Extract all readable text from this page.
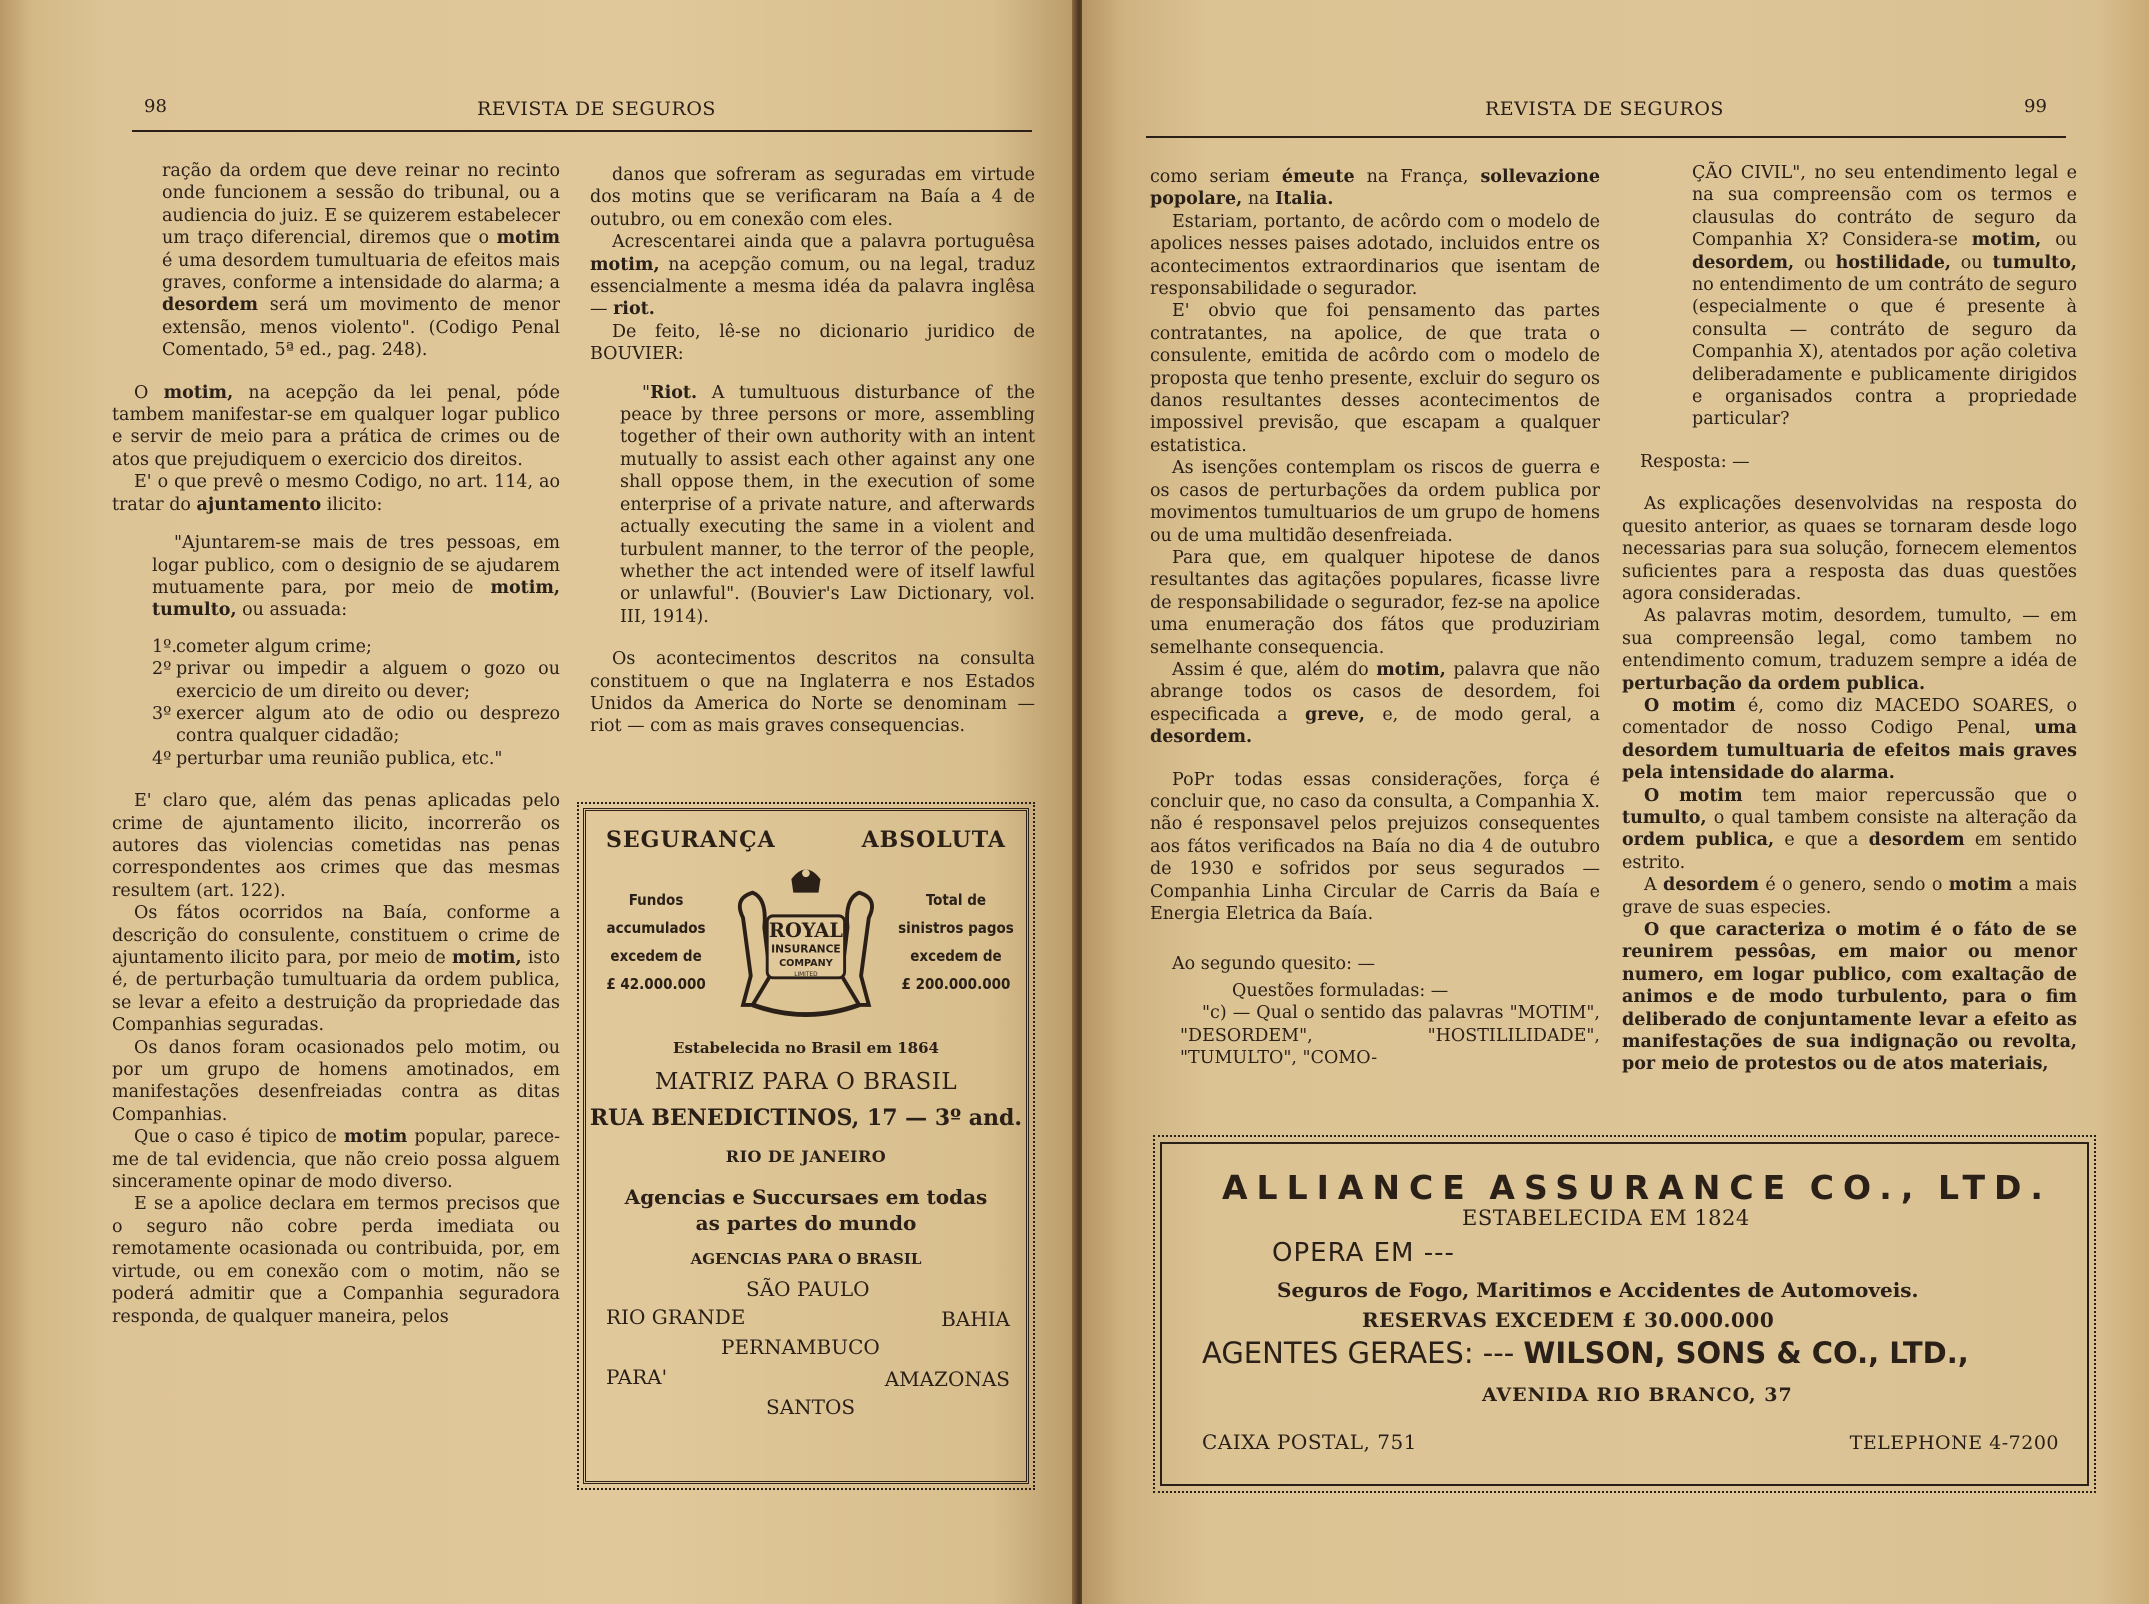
98	REVISTA DE SEGUROS

ração da ordem que deve reinar no recinto onde funcionem a sessão do tribunal, ou a audiencia do juiz. E se quizerem estabelecer um traço diferencial, diremos que o motim é uma desordem tumultuaria de efeitos mais graves, conforme a intensidade do alarma; a desordem será um movimento de menor extensão, menos violento". (Codigo Penal Comentado, 5ª ed., pag. 248).

O motim, na acepção da lei penal, póde tambem manifestar-se em qualquer logar publico e servir de meio para a prática de crimes ou de atos que prejudiquem o exercicio dos direitos.

E' o que prevê o mesmo Codigo, no art. 114, ao tratar do ajuntamento ilicito:

"Ajuntarem-se mais de tres pessoas, em logar publico, com o designio de se ajudarem mutuamente para, por meio de motim, tumulto, ou assuada:

1º.cometer algum crime;
2º privar ou impedir a alguem o gozo ou exercicio de um direito ou dever;
3º exercer algum ato de odio ou desprezo contra qualquer cidadão;
4º perturbar uma reunião publica, etc."

E' claro que, além das penas aplicadas pelo crime de ajuntamento ilicito, incorrerão os autores das violencias cometidas nas penas correspondentes aos crimes que das mesmas resultem (art. 122).

Os fátos ocorridos na Baía, conforme a descrição do consulente, constituem o crime de ajuntamento ilicito para, por meio de motim, isto é, de perturbação tumultuaria da ordem publica, se levar a efeito a destruição da propriedade das Companhias seguradas.

Os danos foram ocasionados pelo motim, ou por um grupo de homens amotinados, em manifestações desenfreiadas contra as ditas Companhias.

Que o caso é tipico de motim popular, parece-me de tal evidencia, que não creio possa alguem sinceramente opinar de modo diverso.

E se a apolice declara em termos precisos que o seguro não cobre perda imediata ou remotamente ocasionada ou contribuida, por, em virtude, ou em conexão com o motim, não se poderá admitir que a Companhia seguradora responda, de qualquer maneira, pelos

danos que sofreram as seguradas em virtude dos motins que se verificaram na Baía a 4 de outubro, ou em conexão com eles.

Acrescentarei ainda que a palavra portuguêsa motim, na acepção comum, ou na legal, traduz essencialmente a mesma idéa da palavra inglêsa — riot.

De feito, lê-se no dicionario juridico de BOUVIER:

"Riot. A tumultuous disturbance of the peace by three persons or more, assembling together of their own authority with an intent mutually to assist each other against any one shall oppose them, in the execution of some enterprise of a private nature, and afterwards actually executing the same in a violent and turbulent manner, to the terror of the people, whether the act intended were of itself lawful or unlawful". (Bouvier's Law Dictionary, vol. III, 1914).

Os acontecimentos descritos na consulta constituem o que na Inglaterra e nos Estados Unidos da America do Norte se denominam — riot — com as mais graves consequencias.

SEGURANÇA	ABSOLUTA
Fundos
accumulados
excedem de
£ 42.000.000
ROYAL
INSURANCE
COMPANY
LIMITED
Total de
sinistros pagos
excedem de
£ 200.000.000
Estabelecida no Brasil em 1864
MATRIZ PARA O BRASIL
RUA BENEDICTINOS, 17 — 3º and.
RIO DE JANEIRO
Agencias e Succursaes em todas as partes do mundo
AGENCIAS PARA O BRASIL
SÃO PAULO
RIO GRANDE	BAHIA
PERNAMBUCO
PARA'	AMAZONAS
SANTOS
REVISTA DE SEGUROS	99

como seriam émeute na França, sollevazione popolare, na Italia.

Estariam, portanto, de acôrdo com o modelo de apolices nesses paises adotado, incluidos entre os acontecimentos extraordinarios que isentam de responsabilidade o segurador.

E' obvio que foi pensamento das partes contratantes, na apolice, de que trata o consulente, emitida de acôrdo com o modelo de proposta que tenho presente, excluir do seguro os danos resultantes desses acontecimentos de impossivel previsão, que escapam a qualquer estatistica.

As isenções contemplam os riscos de guerra e os casos de perturbações da ordem publica por movimentos tumultuarios de um grupo de homens ou de uma multidão desenfreiada.

Para que, em qualquer hipotese de danos resultantes das agitações populares, ficasse livre de responsabilidade o segurador, fez-se na apolice uma enumeração dos fátos que produziriam semelhante consequencia.

Assim é que, além do motim, palavra que não abrange todos os casos de desordem, foi especificada a greve, e, de modo geral, a desordem.

PoPr todas essas considerações, força é concluir que, no caso da consulta, a Companhia X. não é responsavel pelos prejuizos consequentes aos fátos verificados na Baía no dia 4 de outubro de 1930 e sofridos por seus segurados — Companhia Linha Circular de Carris da Baía e Energia Eletrica da Baía.

Ao segundo quesito: —

Questões formuladas: —

"c) — Qual o sentido das palavras "MOTIM", "DESORDEM", "HOSTILILIDADE", "TUMULTO", "COMO-

ÇÃO CIVIL", no seu entendimento legal e na sua compreensão com os termos e clausulas do contráto de seguro da Companhia X? Considera-se motim, ou desordem, ou hostilidade, ou tumulto, no entendimento de um contráto de seguro (especialmente o que é presente à consulta — contráto de seguro da Companhia X), atentados por ação coletiva deliberadamente e publicamente dirigidos e organisados contra a propriedade particular?

Resposta: —

As explicações desenvolvidas na resposta do quesito anterior, as quaes se tornaram desde logo necessarias para sua solução, fornecem elementos suficientes para a resposta das duas questões agora consideradas.

As palavras motim, desordem, tumulto, — em sua compreensão legal, como tambem no entendimento comum, traduzem sempre a idéa de perturbação da ordem publica.

O motim é, como diz MACEDO SOARES, o comentador de nosso Codigo Penal, uma desordem tumultuaria de efeitos mais graves pela intensidade do alarma.

O motim tem maior repercussão que o tumulto, o qual tambem consiste na alteração da ordem publica, e que a desordem em sentido estrito.

A desordem é o genero, sendo o motim a mais grave de suas especies.

O que caracteriza o motim é o fáto de se reunirem pessôas, em maior ou menor numero, em logar publico, com exaltação de animos e de modo turbulento, para o fim deliberado de conjuntamente levar a efeito as manifestações de sua indignação ou revolta, por meio de protestos ou de atos materiais,

ALLIANCE ASSURANCE CO., LTD.
ESTABELECIDA EM 1824
OPERA EM ---
Seguros de Fogo, Maritimos e Accidentes de Automoveis.
RESERVAS EXCEDEM £ 30.000.000
AGENTES GERAES: --- WILSON, SONS & CO., LTD.,
AVENIDA RIO BRANCO, 37
CAIXA POSTAL, 751	TELEPHONE 4-7200
